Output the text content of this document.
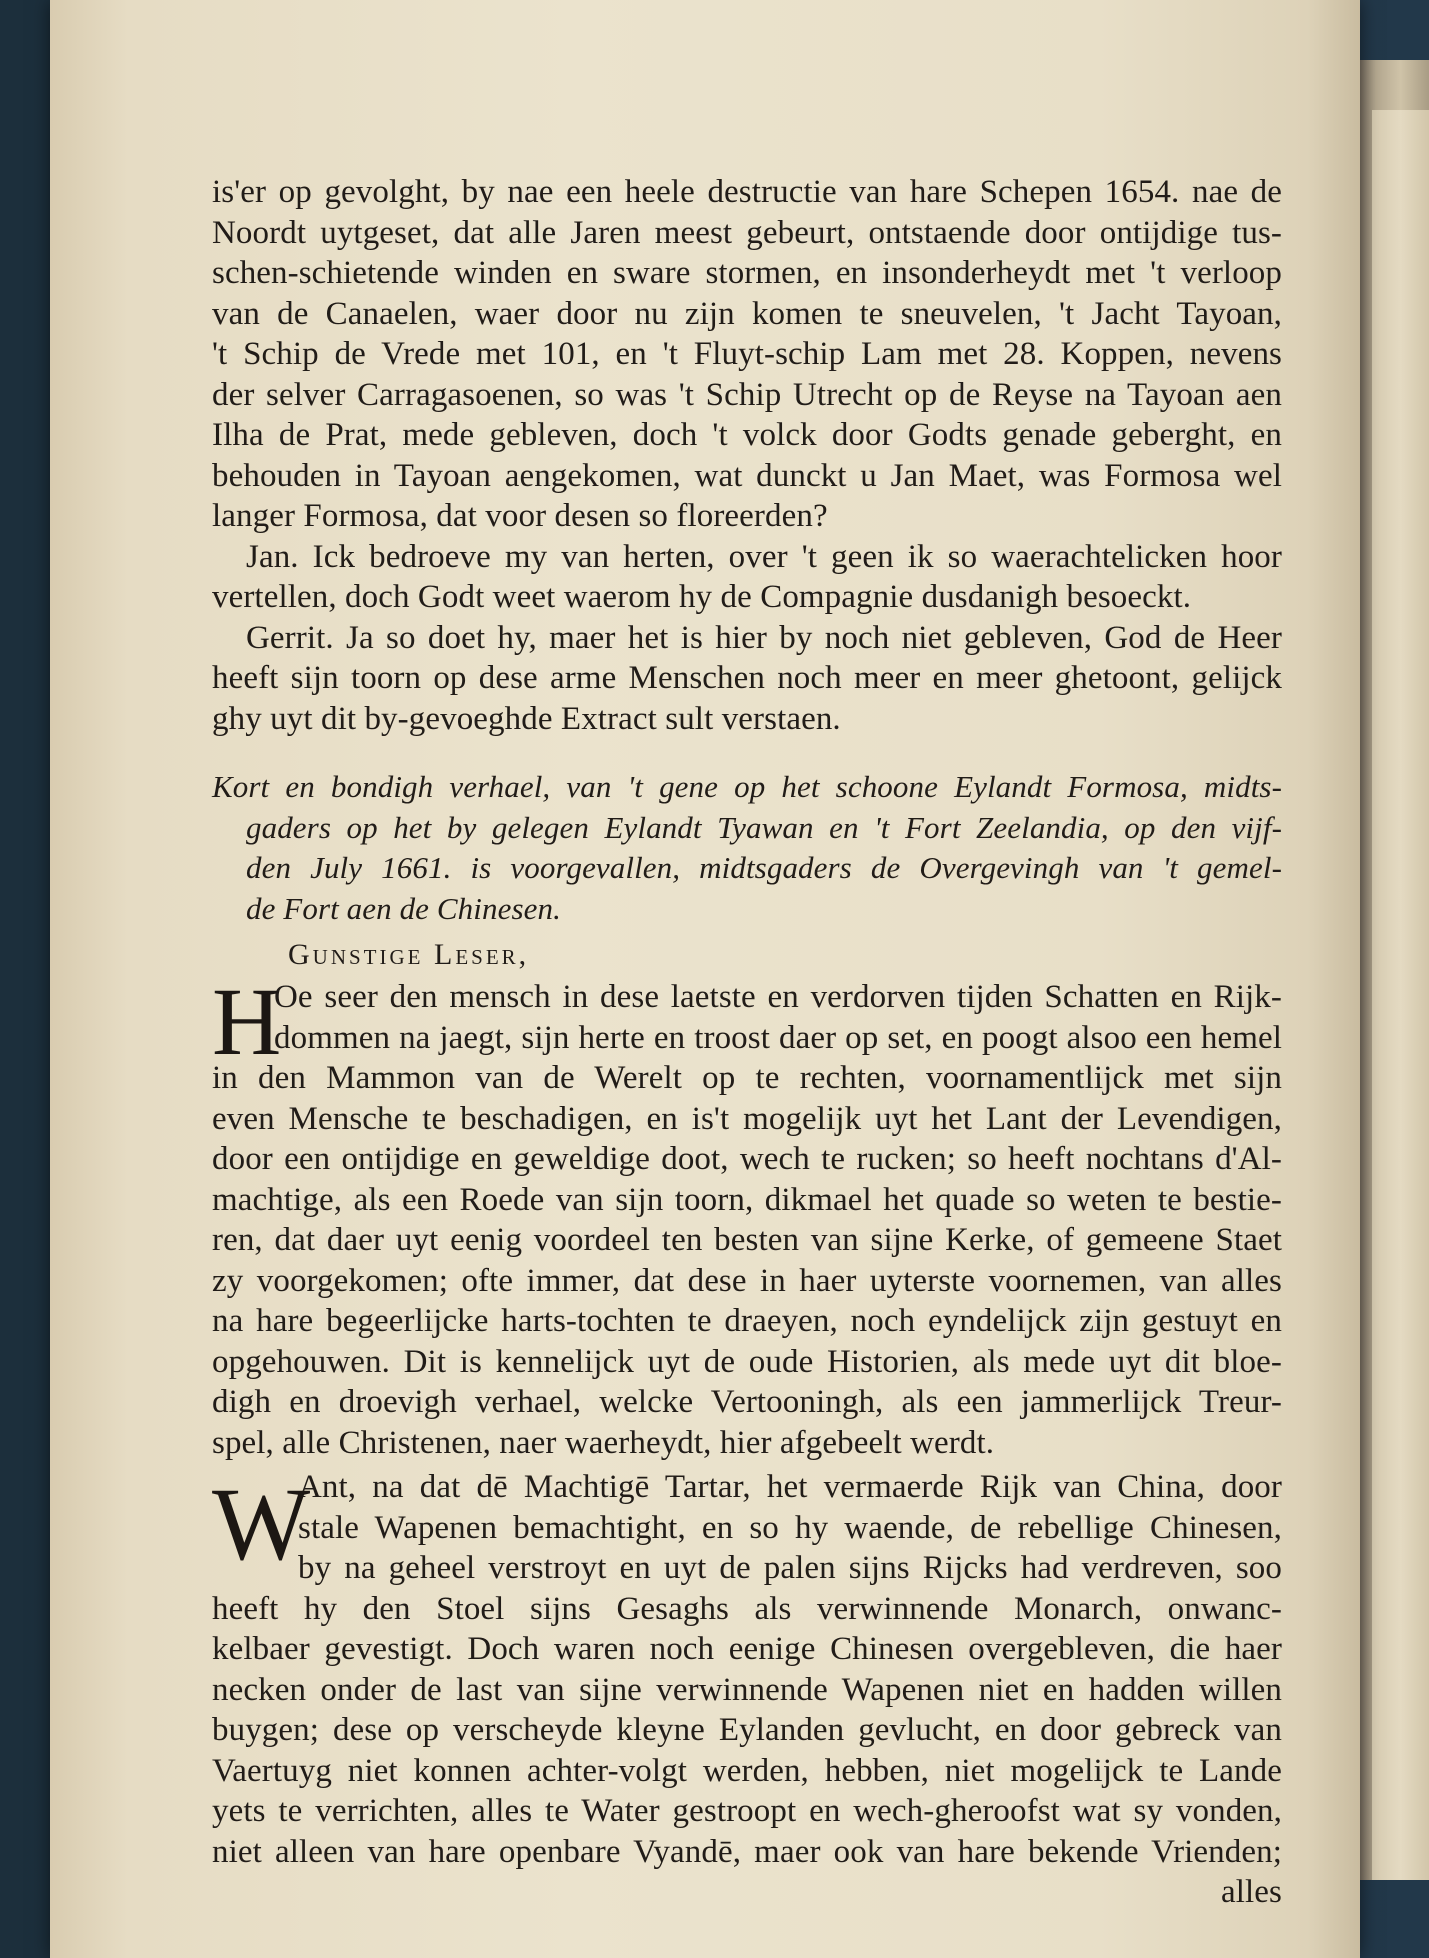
is'er op gevolght, by nae een heele destructie van hare Schepen 1654. nae de
Noordt uytgeset, dat alle Jaren meest gebeurt, ontstaende door ontijdige tus-
schen-schietende winden en sware stormen, en insonderheydt met 't verloop
van de Canaelen, waer door nu zijn komen te sneuvelen, 't Jacht Tayoan,
't Schip de Vrede met 101, en 't Fluyt-schip Lam met 28. Koppen, nevens
der selver Carragasoenen, so was 't Schip Utrecht op de Reyse na Tayoan aen
Ilha de Prat, mede gebleven, doch 't volck door Godts genade geberght, en
behouden in Tayoan aengekomen, wat dunckt u Jan Maet, was Formosa wel
langer Formosa, dat voor desen so floreerden?
Jan. Ick bedroeve my van herten, over 't geen ik so waerachtelicken hoor
vertellen, doch Godt weet waerom hy de Compagnie dusdanigh besoeckt.
Gerrit. Ja so doet hy, maer het is hier by noch niet gebleven, God de Heer
heeft sijn toorn op dese arme Menschen noch meer en meer ghetoont, gelijck
ghy uyt dit by-gevoeghde Extract sult verstaen.
Kort en bondigh verhael, van 't gene op het schoone Eylandt Formosa, midts-
gaders op het by gelegen Eylandt Tyawan en 't Fort Zeelandia, op den vijf-
den July 1661. is voorgevallen, midtsgaders de Overgevingh van 't gemel-
de Fort aen de Chinesen.
Gunstige Leser,
H
Oe seer den mensch in dese laetste en verdorven tijden Schatten en Rijk-
dommen na jaegt, sijn herte en troost daer op set, en poogt alsoo een hemel
in den Mammon van de Werelt op te rechten, voornamentlijck met sijn
even Mensche te beschadigen, en is't mogelijk uyt het Lant der Levendigen,
door een ontijdige en geweldige doot, wech te rucken; so heeft nochtans d'Al-
machtige, als een Roede van sijn toorn, dikmael het quade so weten te bestie-
ren, dat daer uyt eenig voordeel ten besten van sijne Kerke, of gemeene Staet
zy voorgekomen; ofte immer, dat dese in haer uyterste voornemen, van alles
na hare begeerlijcke harts-tochten te draeyen, noch eyndelijck zijn gestuyt en
opgehouwen. Dit is kennelijck uyt de oude Historien, als mede uyt dit bloe-
digh en droevigh verhael, welcke Vertooningh, als een jammerlijck Treur-
spel, alle Christenen, naer waerheydt, hier afgebeelt werdt.
W
Ant, na dat dē Machtigē Tartar, het vermaerde Rijk van China, door
stale Wapenen bemachtight, en so hy waende, de rebellige Chinesen,
by na geheel verstroyt en uyt de palen sijns Rijcks had verdreven, soo
heeft hy den Stoel sijns Gesaghs als verwinnende Monarch, onwanc-
kelbaer gevestigt. Doch waren noch eenige Chinesen overgebleven, die haer
necken onder de last van sijne verwinnende Wapenen niet en hadden willen
buygen; dese op verscheyde kleyne Eylanden gevlucht, en door gebreck van
Vaertuyg niet konnen achter-volgt werden, hebben, niet mogelijck te Lande
yets te verrichten, alles te Water gestroopt en wech-gheroofst wat sy vonden,
niet alleen van hare openbare Vyandē, maer ook van hare bekende Vrienden;
alles
